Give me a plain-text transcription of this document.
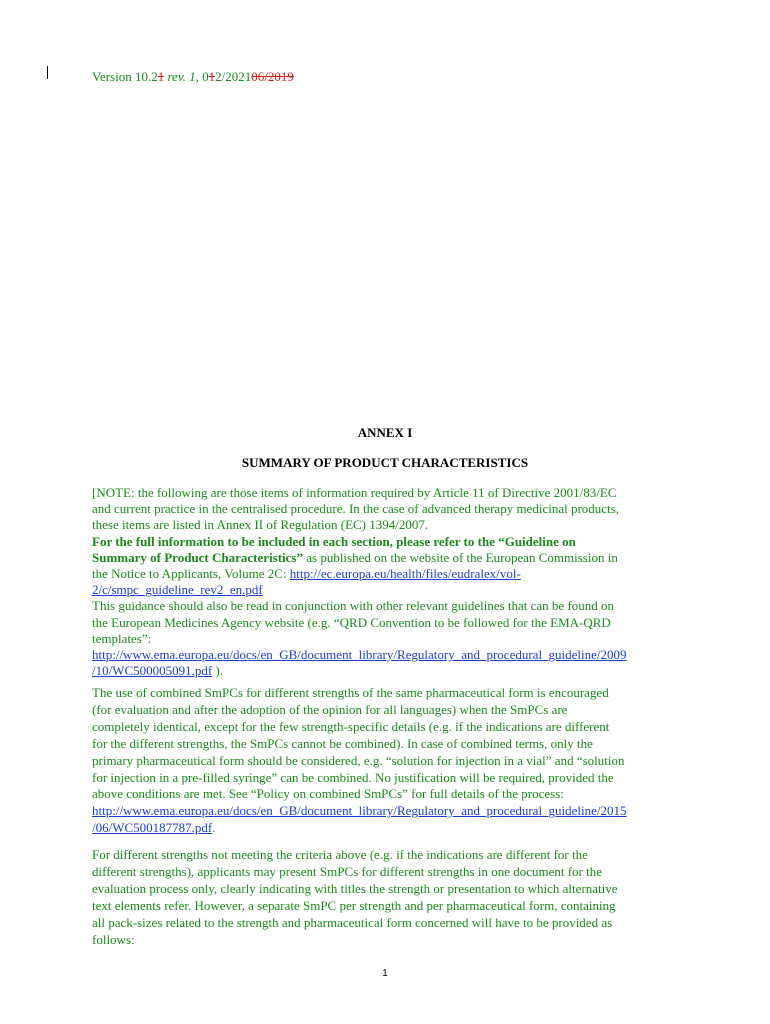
Version 10.21 rev. 1, 012/202106/2019
ANNEX I
SUMMARY OF PRODUCT CHARACTERISTICS
[NOTE: the following are those items of information required by Article 11 of Directive 2001/83/EC
and current practice in the centralised procedure. In the case of advanced therapy medicinal products,
these items are listed in Annex II of Regulation (EC) 1394/2007.
For the full information to be included in each section, please refer to the “Guideline on
Summary of Product Characteristics” as published on the website of the European Commission in
the Notice to Applicants, Volume 2C: http://ec.europa.eu/health/files/eudralex/vol-
2/c/smpc_guideline_rev2_en.pdf
This guidance should also be read in conjunction with other relevant guidelines that can be found on
the European Medicines Agency website (e.g. “QRD Convention to be followed for the EMA-QRD
templates”:
http://www.ema.europa.eu/docs/en_GB/document_library/Regulatory_and_procedural_guideline/2009
/10/WC500005091.pdf ).
The use of combined SmPCs for different strengths of the same pharmaceutical form is encouraged
(for evaluation and after the adoption of the opinion for all languages) when the SmPCs are
completely identical, except for the few strength-specific details (e.g. if the indications are different
for the different strengths, the SmPCs cannot be combined). In case of combined terms, only the
primary pharmaceutical form should be considered, e.g. “solution for injection in a vial” and “solution
for injection in a pre-filled syringe” can be combined. No justification will be required, provided the
above conditions are met. See “Policy on combined SmPCs” for full details of the process:
http://www.ema.europa.eu/docs/en_GB/document_library/Regulatory_and_procedural_guideline/2015
/06/WC500187787.pdf.
For different strengths not meeting the criteria above (e.g. if the indications are different for the
different strengths), applicants may present SmPCs for different strengths in one document for the
evaluation process only, clearly indicating with titles the strength or presentation to which alternative
text elements refer. However, a separate SmPC per strength and per pharmaceutical form, containing
all pack-sizes related to the strength and pharmaceutical form concerned will have to be provided as
follows:
1
